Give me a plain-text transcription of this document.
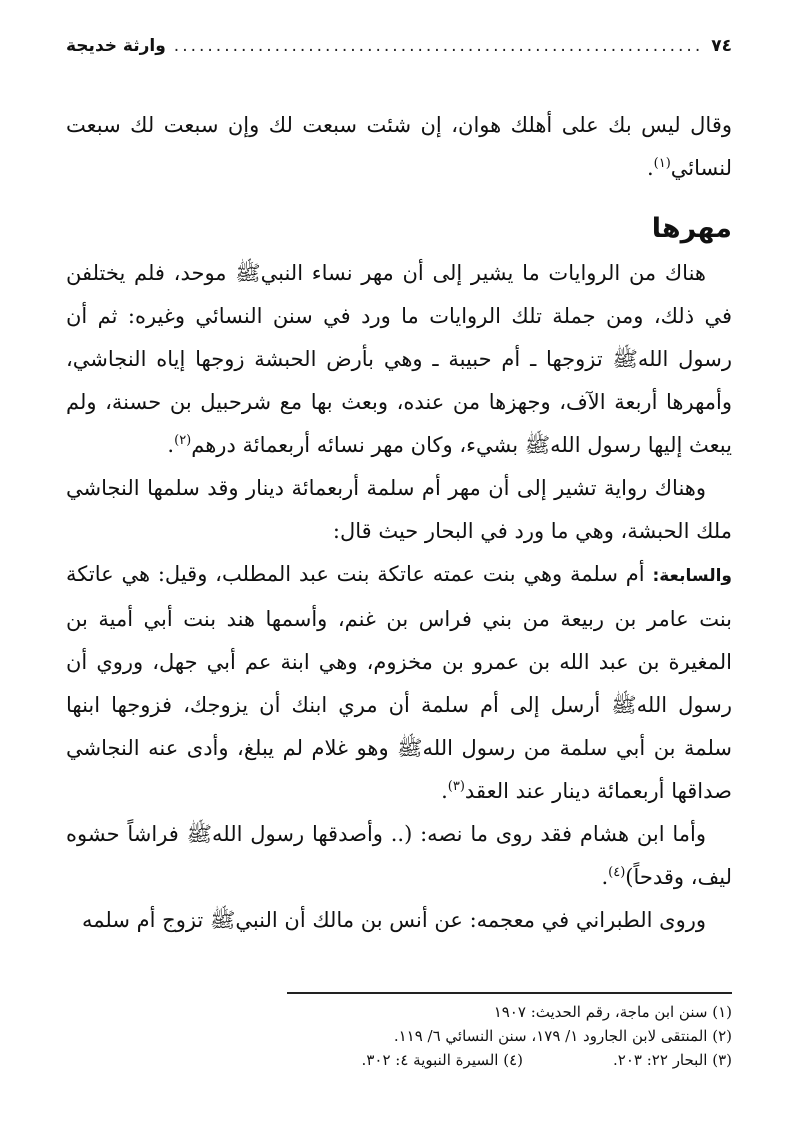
٧٤
.....
وارثة خديجة

وقال ليس بك على أهلك هوان، إن شئت سبعت لك وإن سبعت لك سبعت لنسائي$^{(١)}$.

مهرها

هناك من الروايات ما يشير إلى أن مهر نساء النبيﷺ موحد، فلم يختلفن في ذلك، ومن جملة تلك الروايات ما ورد في سنن النسائي وغيره: ثم أن رسول اللهﷺ تزوجها ـ أم حبيبة ـ وهي بأرض الحبشة زوجها إياه النجاشي، وأمهرها أربعة الآف، وجهزها من عنده، وبعث بها مع شرحبيل بن حسنة، ولم يبعث إليها رسول اللهﷺ بشيء، وكان مهر نسائه أربعمائة درهم$^{(٢)}$.

وهناك رواية تشير إلى أن مهر أم سلمة أربعمائة دينار وقد سلمها النجاشي ملك الحبشة، وهي ما ورد في البحار حيث قال:

والسابعة: أم سلمة وهي بنت عمته عاتكة بنت عبد المطلب، وقيل: هي عاتكة بنت عامر بن ربيعة من بني فراس بن غنم، وأسمها هند بنت أبي أمية بن المغيرة بن عبد الله بن عمرو بن مخزوم، وهي ابنة عم أبي جهل، وروي أن رسول اللهﷺ أرسل إلى أم سلمة أن مري ابنك أن يزوجك، فزوجها ابنها سلمة بن أبي سلمة من رسول اللهﷺ وهو غلام لم يبلغ، وأدى عنه النجاشي صداقها أربعمائة دينار عند العقد$^{(٣)}$.

وأما ابن هشام فقد روى ما نصه: (.. وأصدقها رسول اللهﷺ فراشاً حشوه ليف، وقدحاً)$^{(٤)}$.

وروى الطبراني في معجمه: عن أنس بن مالك أن النبيﷺ تزوج أم سلمه

(١) سنن ابن ماجة، رقم الحديث: ١٩٠٧

(٢) المنتقى لابن الجارود ١/ ١٧٩، سنن النسائي ٦/ ١١٩.

(٣) البحار ٢٢: ٢٠٣.

(٤) السيرة النبوية ٤: ٣٠٢.
